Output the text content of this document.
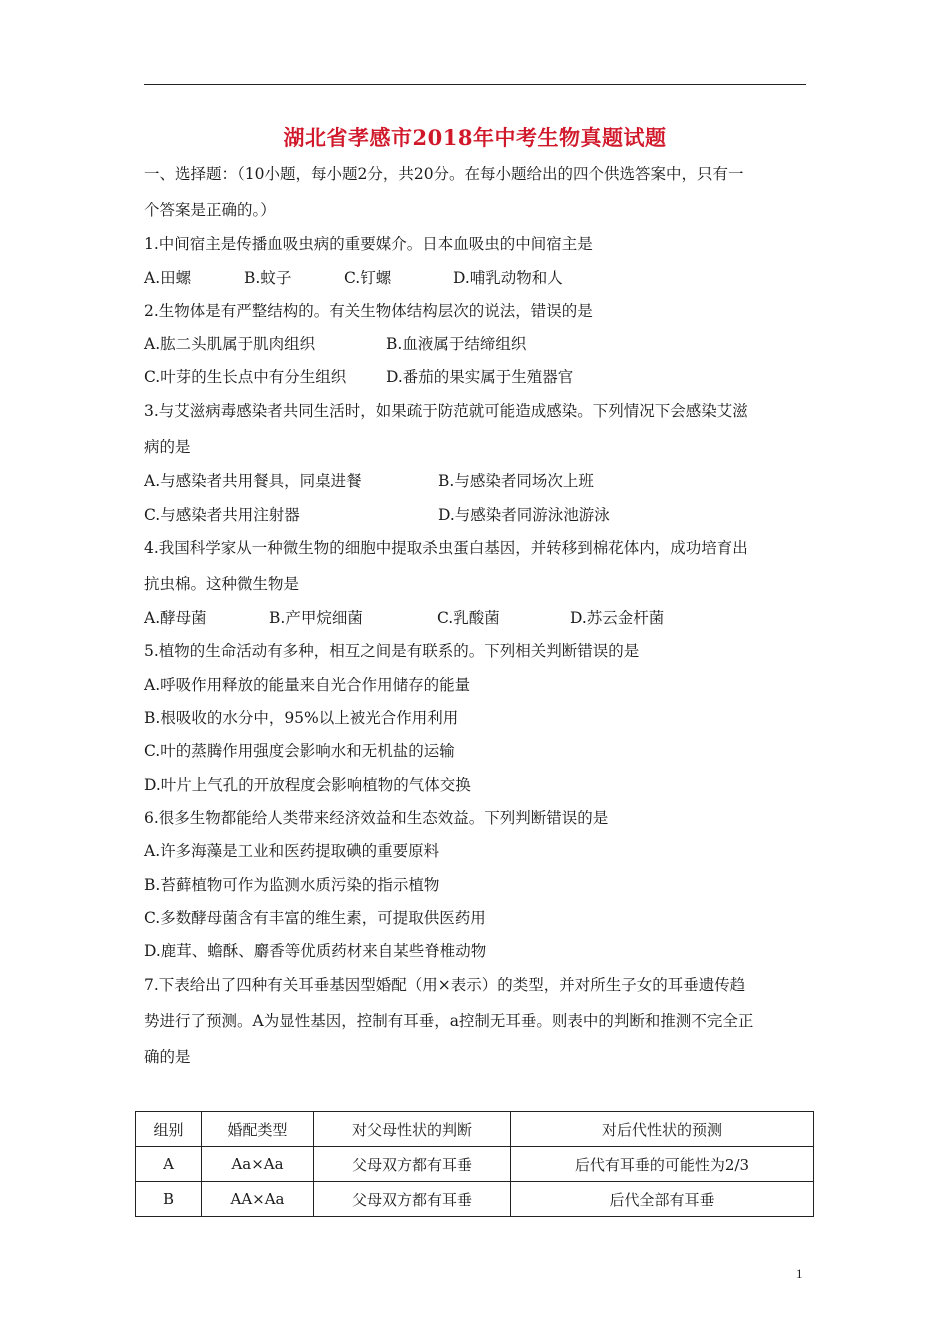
湖北省孝感市2018年中考生物真题试题
一、选择题：（10小题，每小题2分，共20分。在每小题给出的四个供选答案中，只有一
个答案是正确的。）
1.中间宿主是传播血吸虫病的重要媒介。日本血吸虫的中间宿主是
A.田螺	B.蚊子	C.钉螺	D.哺乳动物和人
2.生物体是有严整结构的。有关生物体结构层次的说法，错误的是
A.肱二头肌属于肌肉组织	B.血液属于结缔组织
C.叶芽的生长点中有分生组织	D.番茄的果实属于生殖器官
3.与艾滋病毒感染者共同生活时，如果疏于防范就可能造成感染。下列情况下会感染艾滋
病的是
A.与感染者共用餐具，同桌进餐	B.与感染者同场次上班
C.与感染者共用注射器	D.与感染者同游泳池游泳
4.我国科学家从一种微生物的细胞中提取杀虫蛋白基因，并转移到棉花体内，成功培育出
抗虫棉。这种微生物是
A.酵母菌	B.产甲烷细菌	C.乳酸菌	D.苏云金杆菌
5.植物的生命活动有多种，相互之间是有联系的。下列相关判断错误的是
A.呼吸作用释放的能量来自光合作用储存的能量
B.根吸收的水分中，95%以上被光合作用利用
C.叶的蒸腾作用强度会影响水和无机盐的运输
D.叶片上气孔的开放程度会影响植物的气体交换
6.很多生物都能给人类带来经济效益和生态效益。下列判断错误的是
A.许多海藻是工业和医药提取碘的重要原料
B.苔藓植物可作为监测水质污染的指示植物
C.多数酵母菌含有丰富的维生素，可提取供医药用
D.鹿茸、蟾酥、麝香等优质药材来自某些脊椎动物
7.下表给出了四种有关耳垂基因型婚配（用×表示）的类型，并对所生子女的耳垂遗传趋
势进行了预测。A为显性基因，控制有耳垂，a控制无耳垂。则表中的判断和推测不完全正
确的是
组别	婚配类型	对父母性状的判断	对后代性状的预测
A	Aa×Aa	父母双方都有耳垂	后代有耳垂的可能性为2/3
B	AA×Aa	父母双方都有耳垂	后代全部有耳垂
1
